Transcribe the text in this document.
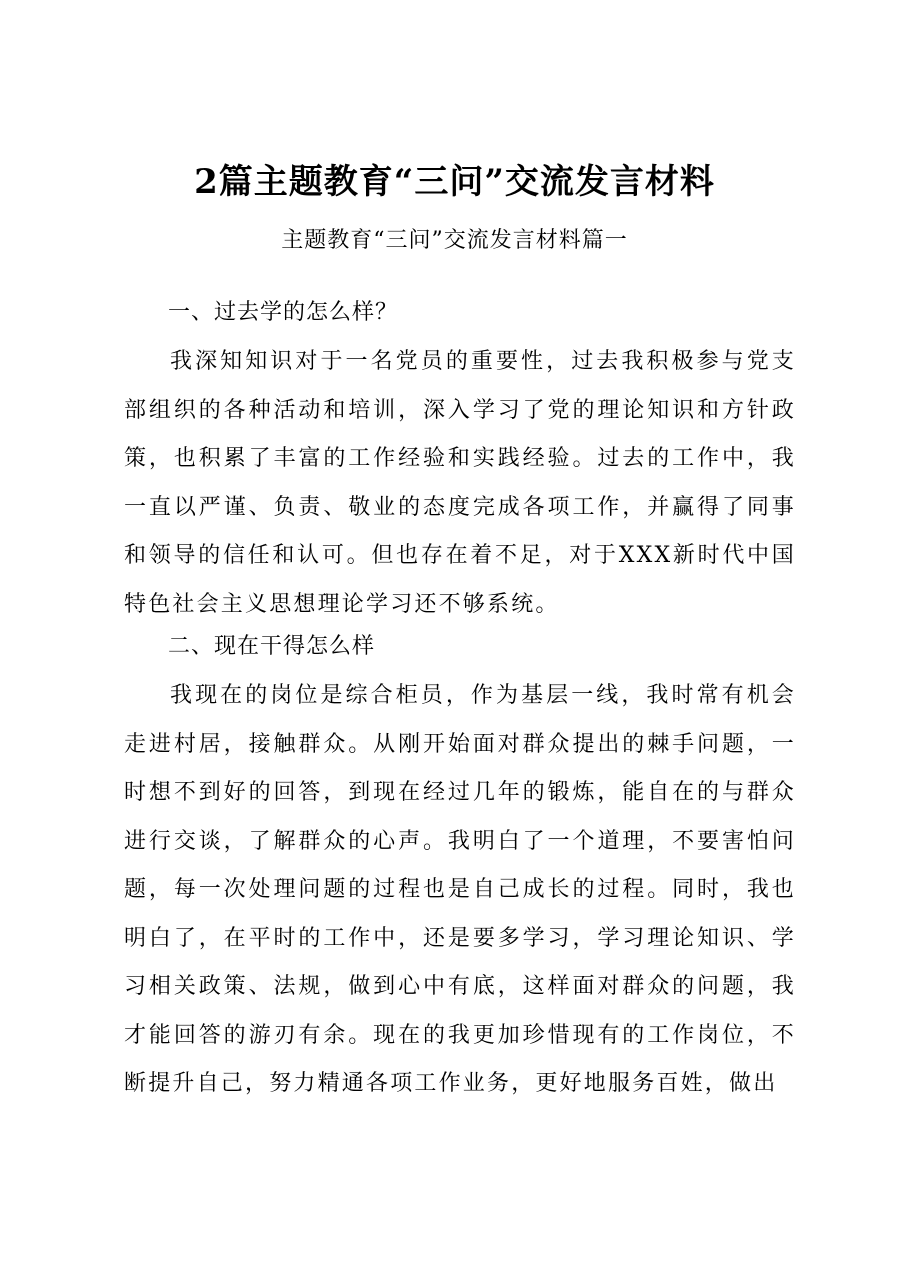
2篇主题教育“三问”交流发言材料
主题教育“三问”交流发言材料篇一
一、过去学的怎么样？
我深知知识对于一名党员的重要性，过去我积极参与党支部组织的各种活动和培训，深入学习了党的理论知识和方针政策，也积累了丰富的工作经验和实践经验。过去的工作中，我一直以严谨、负责、敬业的态度完成各项工作，并赢得了同事和领导的信任和认可。但也存在着不足，对于XXX新时代中国特色社会主义思想理论学习还不够系统。
二、现在干得怎么样
我现在的岗位是综合柜员，作为基层一线，我时常有机会走进村居，接触群众。从刚开始面对群众提出的棘手问题，一时想不到好的回答，到现在经过几年的锻炼，能自在的与群众进行交谈，了解群众的心声。我明白了一个道理，不要害怕问题，每一次处理问题的过程也是自己成长的过程。同时，我也明白了，在平时的工作中，还是要多学习，学习理论知识、学习相关政策、法规，做到心中有底，这样面对群众的问题，我才能回答的游刃有余。现在的我更加珍惜现有的工作岗位，不断提升自己，努力精通各项工作业务，更好地服务百姓，做出
